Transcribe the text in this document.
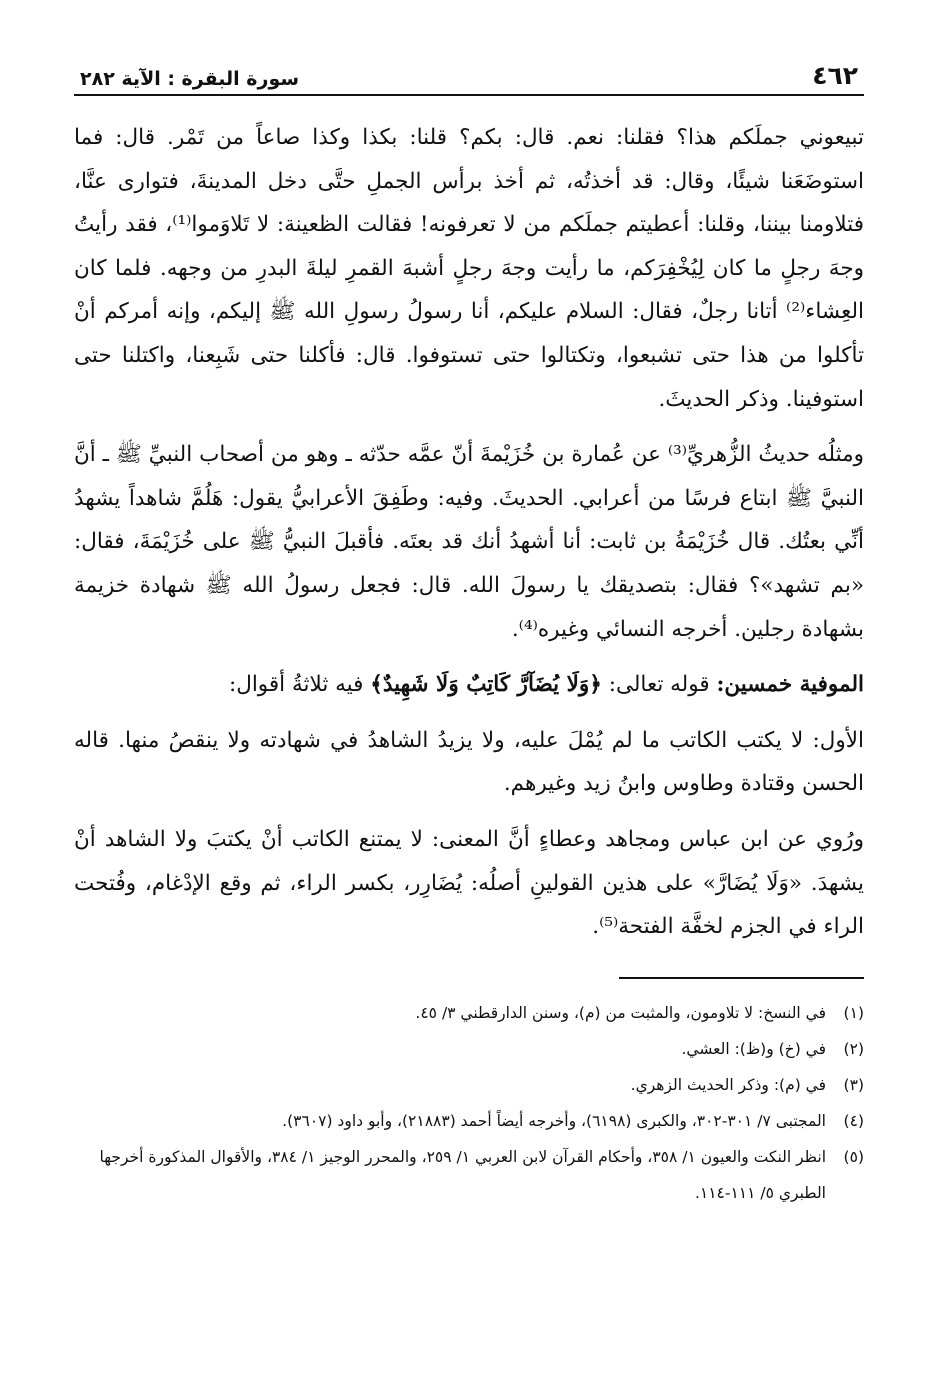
٤٦٢
سورة البقرة : الآية ٢٨٢

تبيعوني جملَكم هذا؟ فقلنا: نعم. قال: بكم؟ قلنا: بكذا وكذا صاعاً من تَمْر. قال: فما استوضَعَنا شيئًا، وقال: قد أخذتُه، ثم أخذ برأس الجملِ حتَّى دخل المدينةَ، فتوارى عنَّا، فتلاومنا بيننا، وقلنا: أعطيتم جملَكم من لا تعرفونه! فقالت الظعينة: لا تَلاوَموا⁽¹⁾، فقد رأيتُ وجهَ رجلٍ ما كان لِيُخْفِرَكم، ما رأيت وجهَ رجلٍ أشبهَ القمرِ ليلةَ البدرِ من وجهه. فلما كان العِشاء⁽²⁾ أتانا رجلٌ، فقال: السلام عليكم، أنا رسولُ رسولِ الله ﷺ إليكم، وإنه أمركم أنْ تأكلوا من هذا حتى تشبعوا، وتكتالوا حتى تستوفوا. قال: فأكلنا حتى شَبِعنا، واكتلنا حتى استوفينا. وذكر الحديثَ.

ومثلُه حديثُ الزُّهريِّ⁽³⁾ عن عُمارة بن خُزَيْمةَ أنّ عمَّه حدّثه ـ وهو من أصحاب النبيِّ ﷺ ـ أنَّ النبيَّ ﷺ ابتاع فرسًا من أعرابي. الحديثَ. وفيه: وطَفِقَ الأعرابيُّ يقول: هَلُمَّ شاهداً يشهدُ أنِّي بعتُك. قال خُزَيْمَةُ بن ثابت: أنا أشهدُ أنك قد بعتَه. فأقبلَ النبيُّ ﷺ على خُزَيْمَةَ، فقال: «بم تشهد»؟ فقال: بتصديقك يا رسولَ الله. قال: فجعل رسولُ الله ﷺ شهادة خزيمة بشهادة رجلين. أخرجه النسائي وغيره⁽⁴⁾.

الموفية خمسين: قوله تعالى: ﴿وَلَا يُضَآرَّ كَاتِبٌ وَلَا شَهِيدٌ﴾ فيه ثلاثةُ أقوال:

الأول: لا يكتب الكاتب ما لم يُمْلَ عليه، ولا يزيدُ الشاهدُ في شهادته ولا ينقصُ منها. قاله الحسن وقتادة وطاوس وابنُ زيد وغيرهم.

ورُوي عن ابن عباس ومجاهد وعطاءٍ أنَّ المعنى: لا يمتنع الكاتب أنْ يكتبَ ولا الشاهد أنْ يشهدَ. «وَلَا يُضَارَّ» على هذين القولينِ أصلُه: يُضَارِر، بكسر الراء، ثم وقع الإدْغام، وفُتحت الراء في الجزم لخفَّة الفتحة⁽⁵⁾.

(١)
في النسخ: لا تلاومون، والمثبت من (م)، وسنن الدارقطني ٣/ ٤٥.
(٢)
في (خ) و(ظ): العشي.
(٣)
في (م): وذكر الحديث الزهري.
(٤)
المجتبى ٧/ ٣٠١-٣٠٢، والكبرى (٦١٩٨)، وأخرجه أيضاً أحمد (٢١٨٨٣)، وأبو داود (٣٦٠٧).
(٥)
انظر النكت والعيون ١/ ٣٥٨، وأحكام القرآن لابن العربي ١/ ٢٥٩، والمحرر الوجيز ١/ ٣٨٤، والأقوال المذكورة أخرجها الطبري ٥/ ١١١-١١٤.
